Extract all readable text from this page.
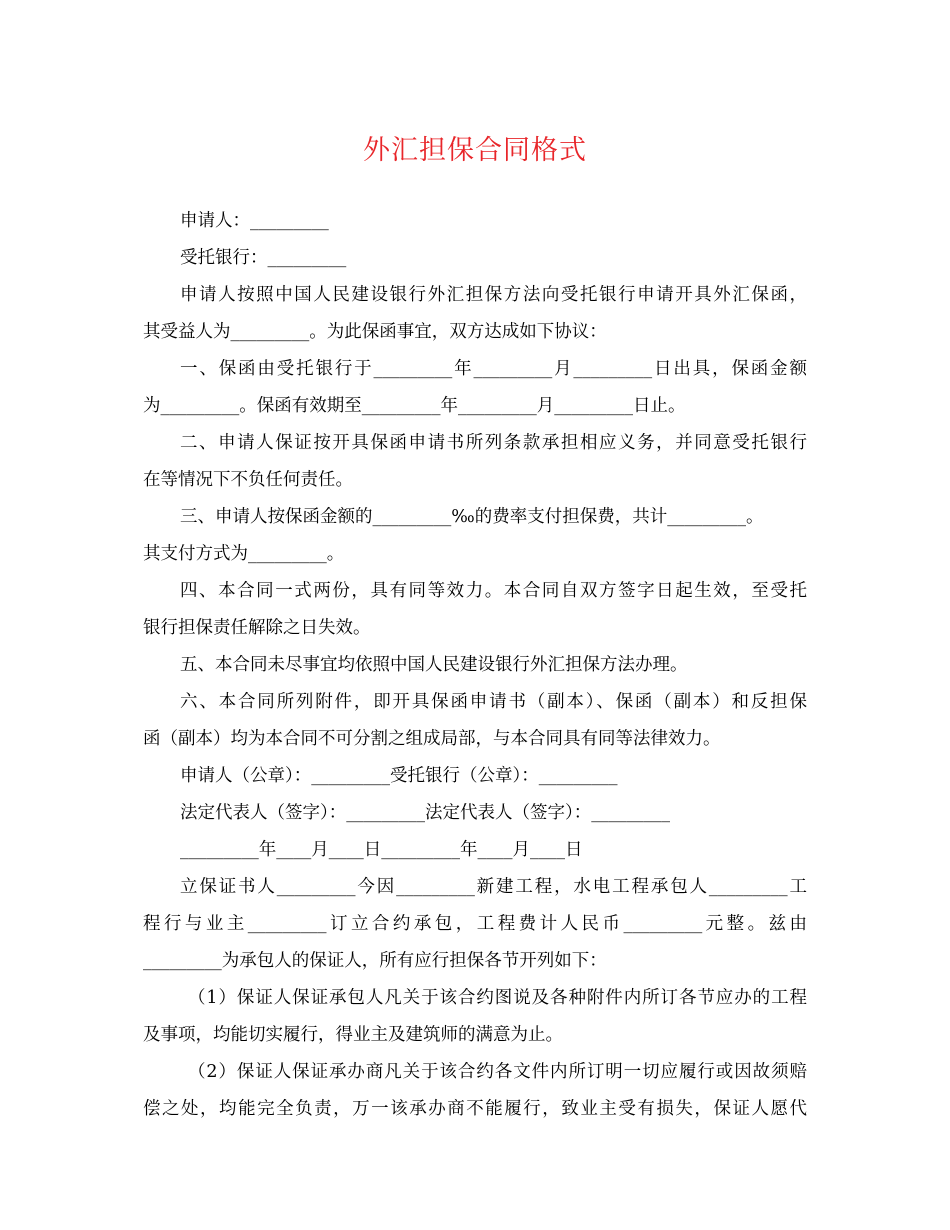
外汇担保合同格式
申请人：_________
受托银行：_________
申请人按照中国人民建设银行外汇担保方法向受托银行申请开具外汇保函，
其受益人为_________。为此保函事宜，双方达成如下协议：
一、保函由受托银行于_________年_________月_________日出具，保函金额
为_________。保函有效期至_________年_________月_________日止。
二、申请人保证按开具保函申请书所列条款承担相应义务，并同意受托银行
在等情况下不负任何责任。
三、申请人按保函金额的_________‰的费率支付担保费，共计_________。
其支付方式为_________。
四、本合同一式两份，具有同等效力。本合同自双方签字日起生效，至受托
银行担保责任解除之日失效。
五、本合同未尽事宜均依照中国人民建设银行外汇担保方法办理。
六、本合同所列附件，即开具保函申请书（副本）、保函（副本）和反担保
函（副本）均为本合同不可分割之组成局部，与本合同具有同等法律效力。
申请人（公章）：_________受托银行（公章）：_________
法定代表人（签字）：_________法定代表人（签字）：_________
_________年____月____日_________年____月____日
立保证书人_________今因_________新建工程，水电工程承包人_________工
程行与业主_________订立合约承包，工程费计人民币_________元整。兹由
_________为承包人的保证人，所有应行担保各节开列如下：
（1）保证人保证承包人凡关于该合约图说及各种附件内所订各节应办的工程
及事项，均能切实履行，得业主及建筑师的满意为止。
（2）保证人保证承办商凡关于该合约各文件内所订明一切应履行或因故须赔
偿之处，均能完全负责，万一该承办商不能履行，致业主受有损失，保证人愿代
